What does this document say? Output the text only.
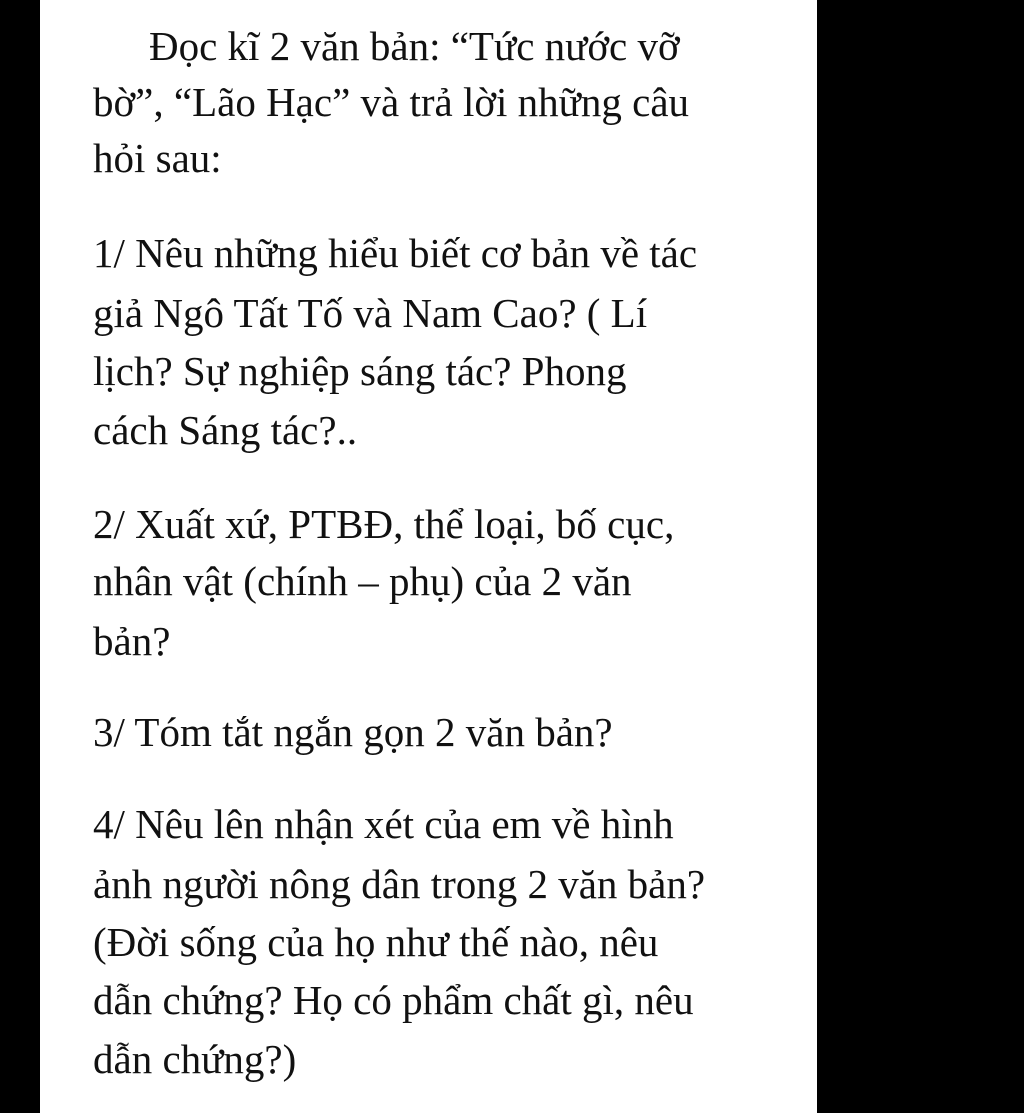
Đọc kĩ 2 văn bản: “Tức nước vỡ

bờ”, “Lão Hạc” và trả lời những câu

hỏi sau:

1/ Nêu những hiểu biết cơ bản về tác

giả Ngô Tất Tố và Nam Cao? ( Lí

lịch? Sự nghiệp sáng tác? Phong

cách Sáng tác?..

2/ Xuất xứ, PTBĐ, thể loại, bố cục,

nhân vật (chính – phụ) của 2 văn

bản?

3/ Tóm tắt ngắn gọn 2 văn bản?

4/ Nêu lên nhận xét của em về hình

ảnh người nông dân trong 2 văn bản?

(Đời sống của họ như thế nào, nêu

dẫn chứng? Họ có phẩm chất gì, nêu

dẫn chứng?)
